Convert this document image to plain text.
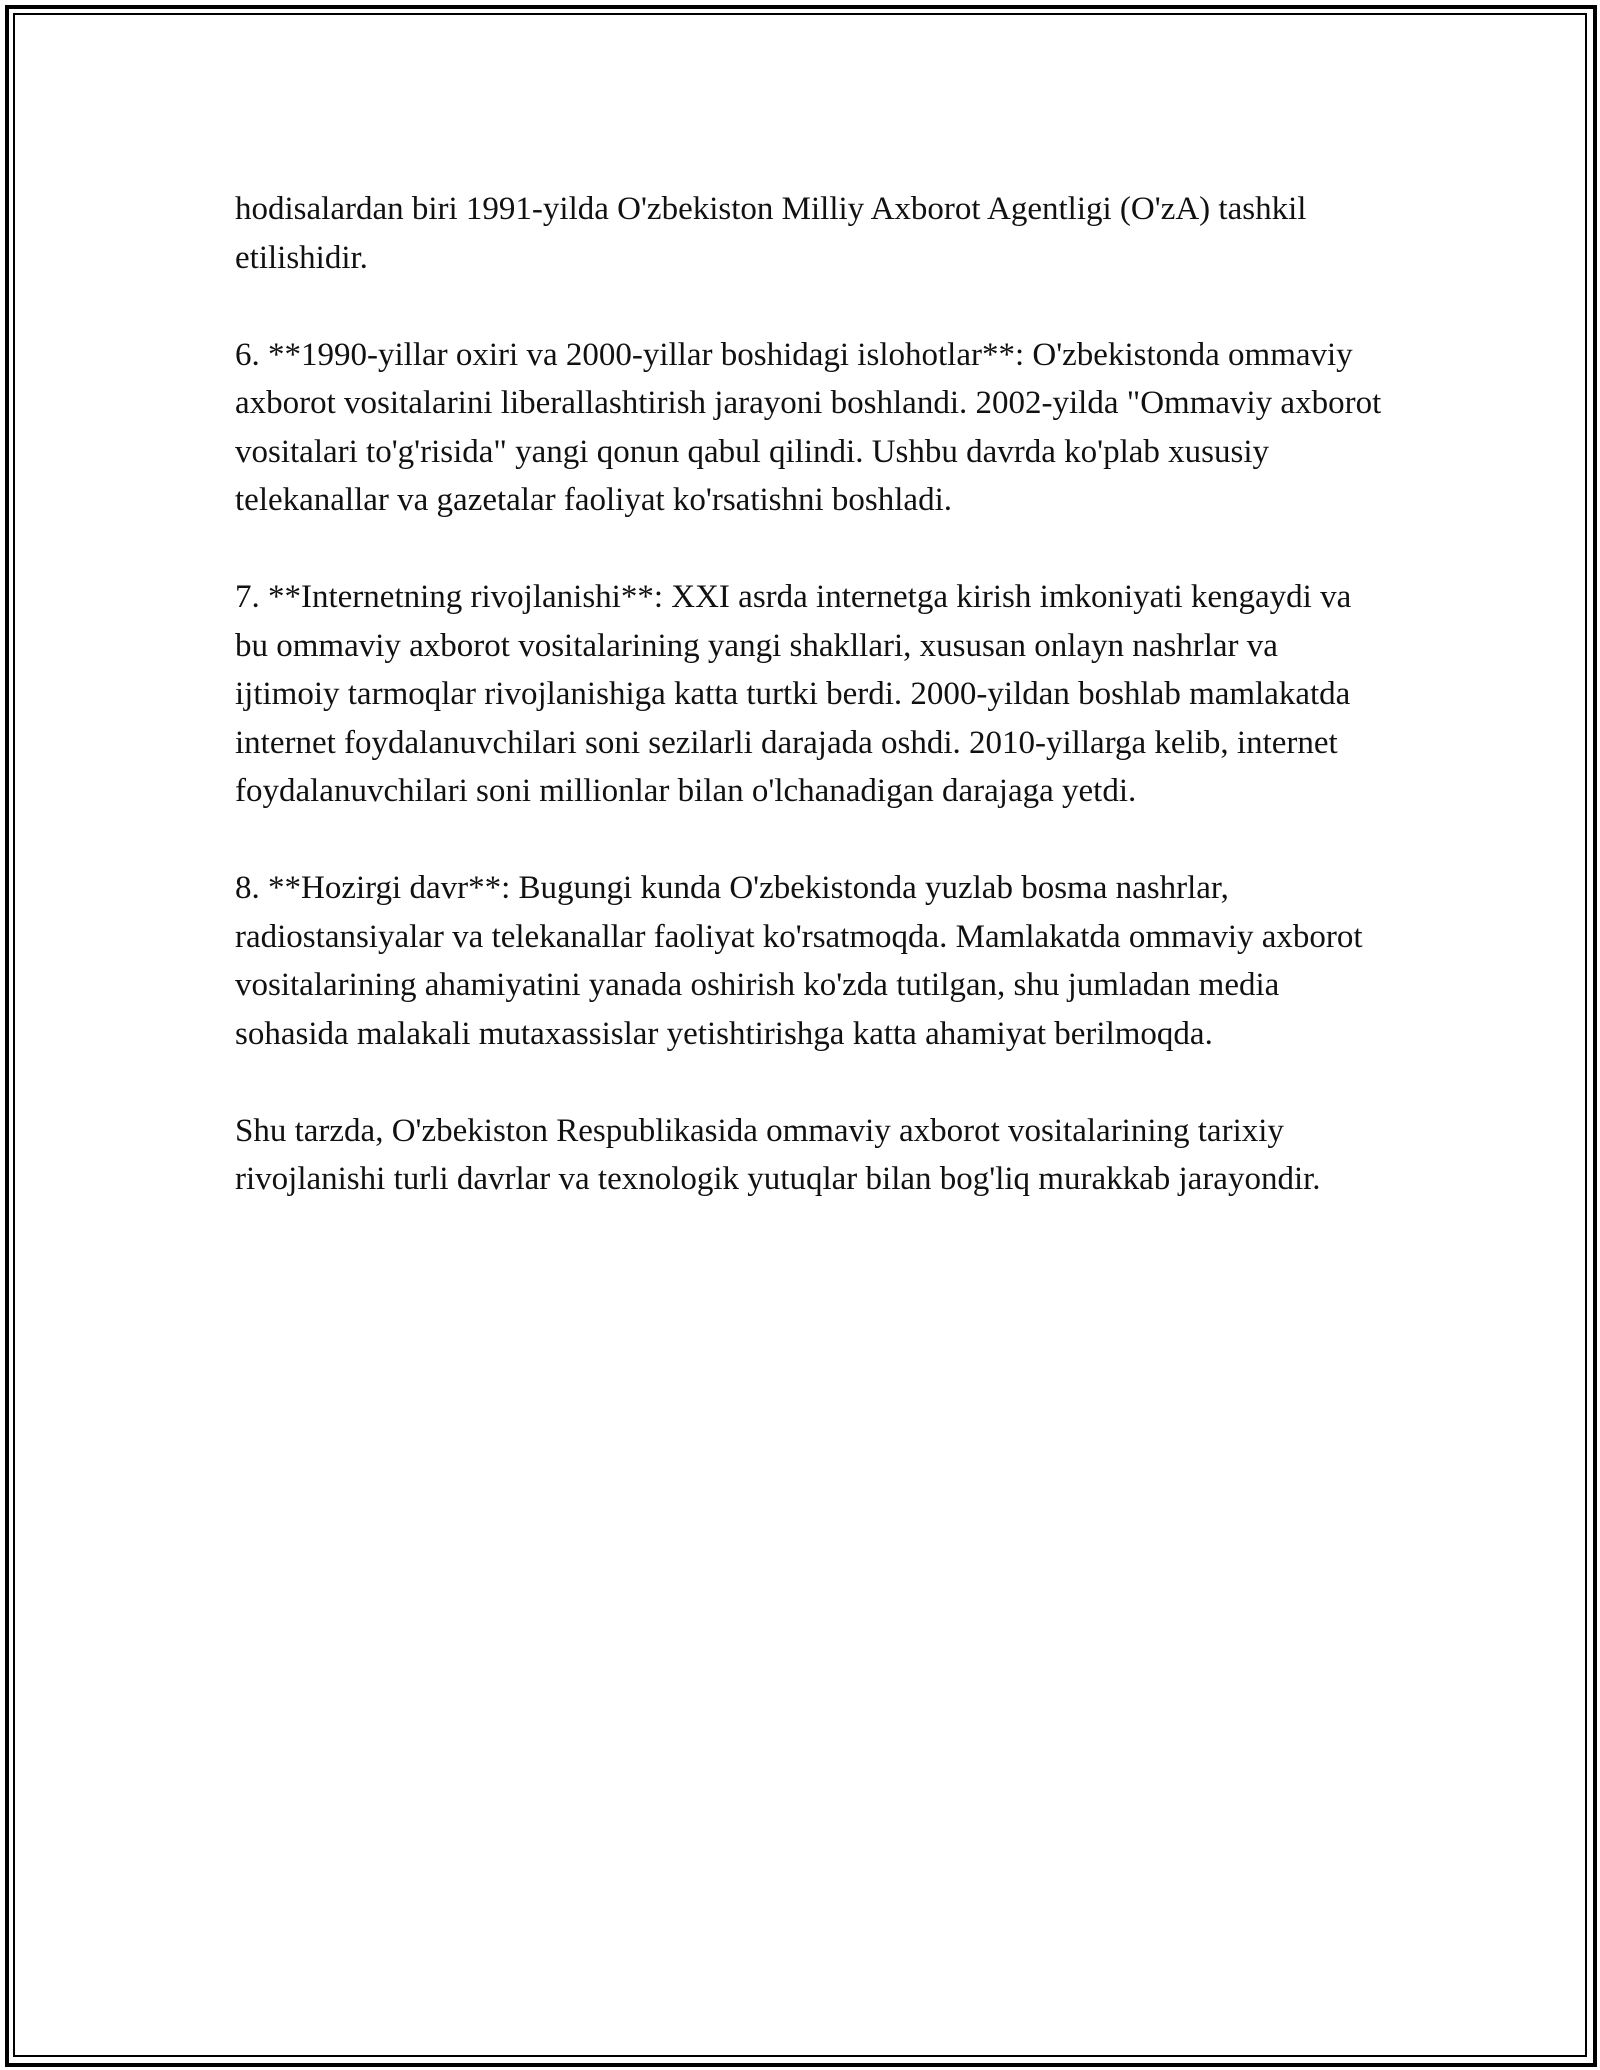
hodisalardan biri 1991-yilda O'zbekiston Milliy Axborot Agentligi (O'zA) tashkil etilishidir.

6. **1990-yillar oxiri va 2000-yillar boshidagi islohotlar**: O'zbekistonda ommaviy axborot vositalarini liberallashtirish jarayoni boshlandi. 2002-yilda "Ommaviy axborot vositalari to'g'risida" yangi qonun qabul qilindi. Ushbu davrda ko'plab xususiy telekanallar va gazetalar faoliyat ko'rsatishni boshladi.

7. **Internetning rivojlanishi**: XXI asrda internetga kirish imkoniyati kengaydi va bu ommaviy axborot vositalarining yangi shakllari, xususan onlayn nashrlar va ijtimoiy tarmoqlar rivojlanishiga katta turtki berdi. 2000-yildan boshlab mamlakatda internet foydalanuvchilari soni sezilarli darajada oshdi. 2010-yillarga kelib, internet foydalanuvchilari soni millionlar bilan o'lchanadigan darajaga yetdi.

8. **Hozirgi davr**: Bugungi kunda O'zbekistonda yuzlab bosma nashrlar, radiostansiyalar va telekanallar faoliyat ko'rsatmoqda. Mamlakatda ommaviy axborot vositalarining ahamiyatini yanada oshirish ko'zda tutilgan, shu jumladan media sohasida malakali mutaxassislar yetishtirishga katta ahamiyat berilmoqda.

Shu tarzda, O'zbekiston Respublikasida ommaviy axborot vositalarining tarixiy rivojlanishi turli davrlar va texnologik yutuqlar bilan bog'liq murakkab jarayondir.
